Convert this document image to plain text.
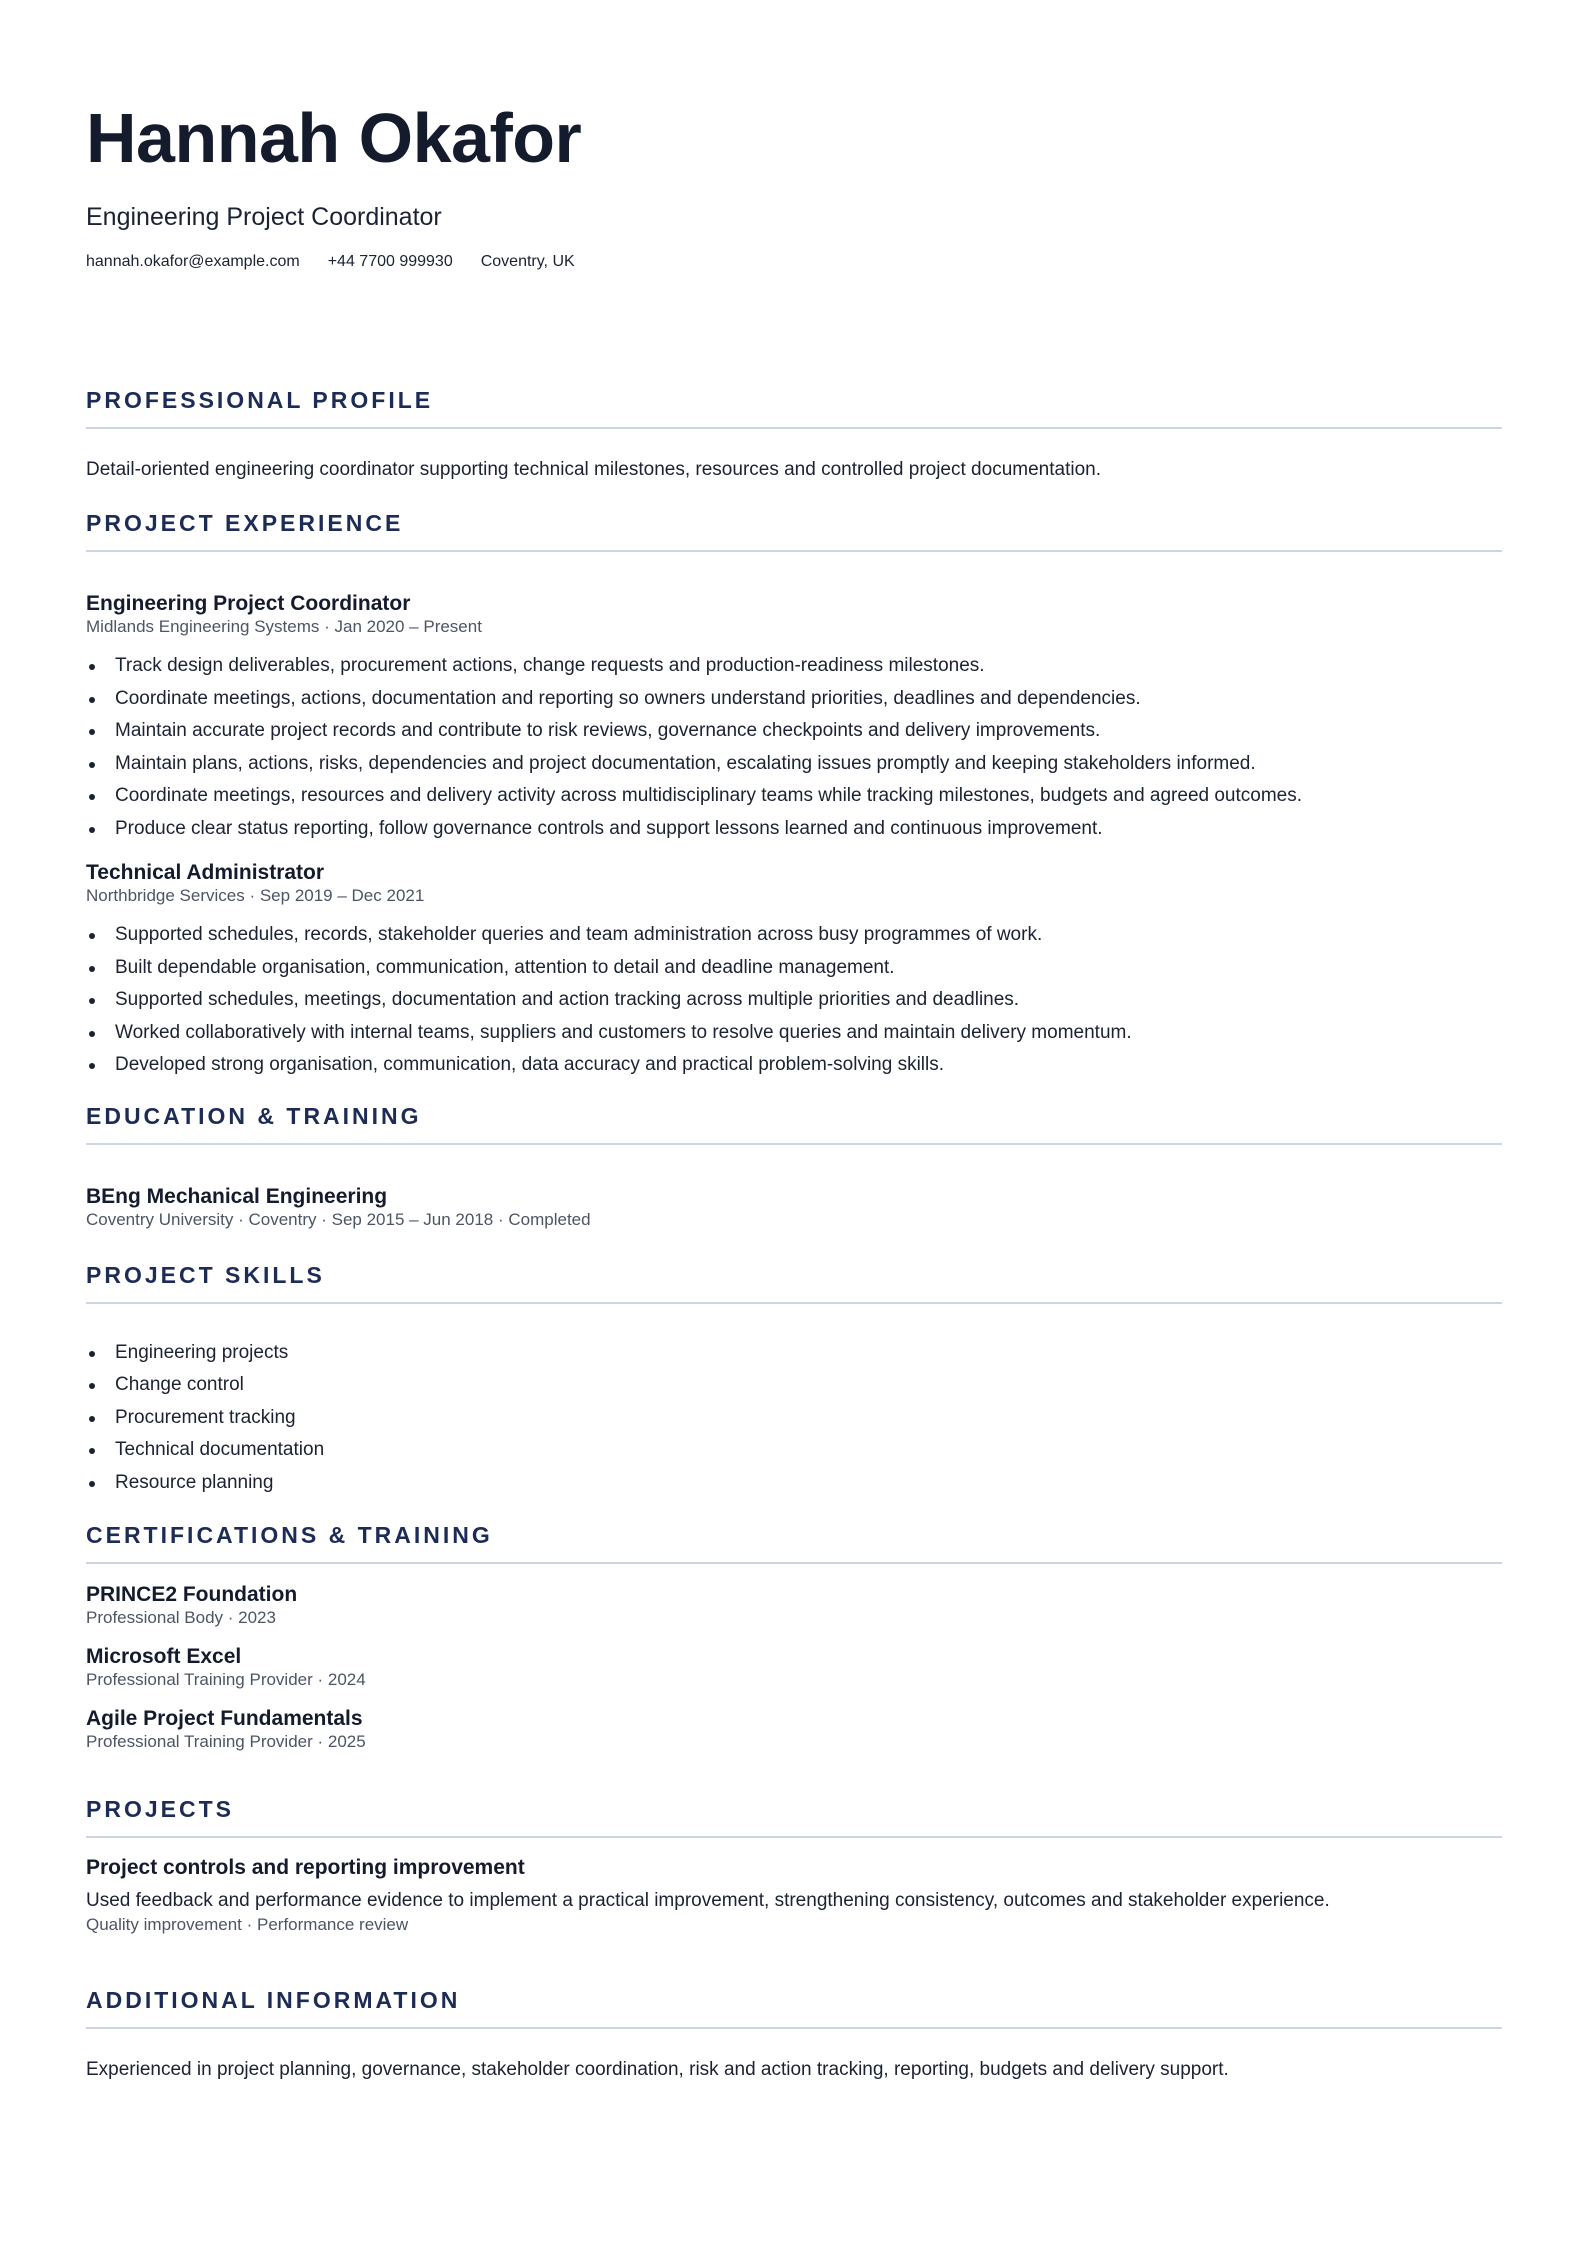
Hannah Okafor
Engineering Project Coordinator
hannah.okafor@example.com +44 7700 999930 Coventry, UK
PROFESSIONAL PROFILE
Detail-oriented engineering coordinator supporting technical milestones, resources and controlled project documentation.
PROJECT EXPERIENCE
Engineering Project Coordinator
Midlands Engineering Systems · Jan 2020 – Present
Track design deliverables, procurement actions, change requests and production-readiness milestones.
Coordinate meetings, actions, documentation and reporting so owners understand priorities, deadlines and dependencies.
Maintain accurate project records and contribute to risk reviews, governance checkpoints and delivery improvements.
Maintain plans, actions, risks, dependencies and project documentation, escalating issues promptly and keeping stakeholders informed.
Coordinate meetings, resources and delivery activity across multidisciplinary teams while tracking milestones, budgets and agreed outcomes.
Produce clear status reporting, follow governance controls and support lessons learned and continuous improvement.
Technical Administrator
Northbridge Services · Sep 2019 – Dec 2021
Supported schedules, records, stakeholder queries and team administration across busy programmes of work.
Built dependable organisation, communication, attention to detail and deadline management.
Supported schedules, meetings, documentation and action tracking across multiple priorities and deadlines.
Worked collaboratively with internal teams, suppliers and customers to resolve queries and maintain delivery momentum.
Developed strong organisation, communication, data accuracy and practical problem-solving skills.
EDUCATION & TRAINING
BEng Mechanical Engineering
Coventry University · Coventry · Sep 2015 – Jun 2018 · Completed
PROJECT SKILLS
Engineering projects
Change control
Procurement tracking
Technical documentation
Resource planning
CERTIFICATIONS & TRAINING
PRINCE2 Foundation
Professional Body · 2023
Microsoft Excel
Professional Training Provider · 2024
Agile Project Fundamentals
Professional Training Provider · 2025
PROJECTS
Project controls and reporting improvement
Used feedback and performance evidence to implement a practical improvement, strengthening consistency, outcomes and stakeholder experience.
Quality improvement · Performance review
ADDITIONAL INFORMATION
Experienced in project planning, governance, stakeholder coordination, risk and action tracking, reporting, budgets and delivery support.
